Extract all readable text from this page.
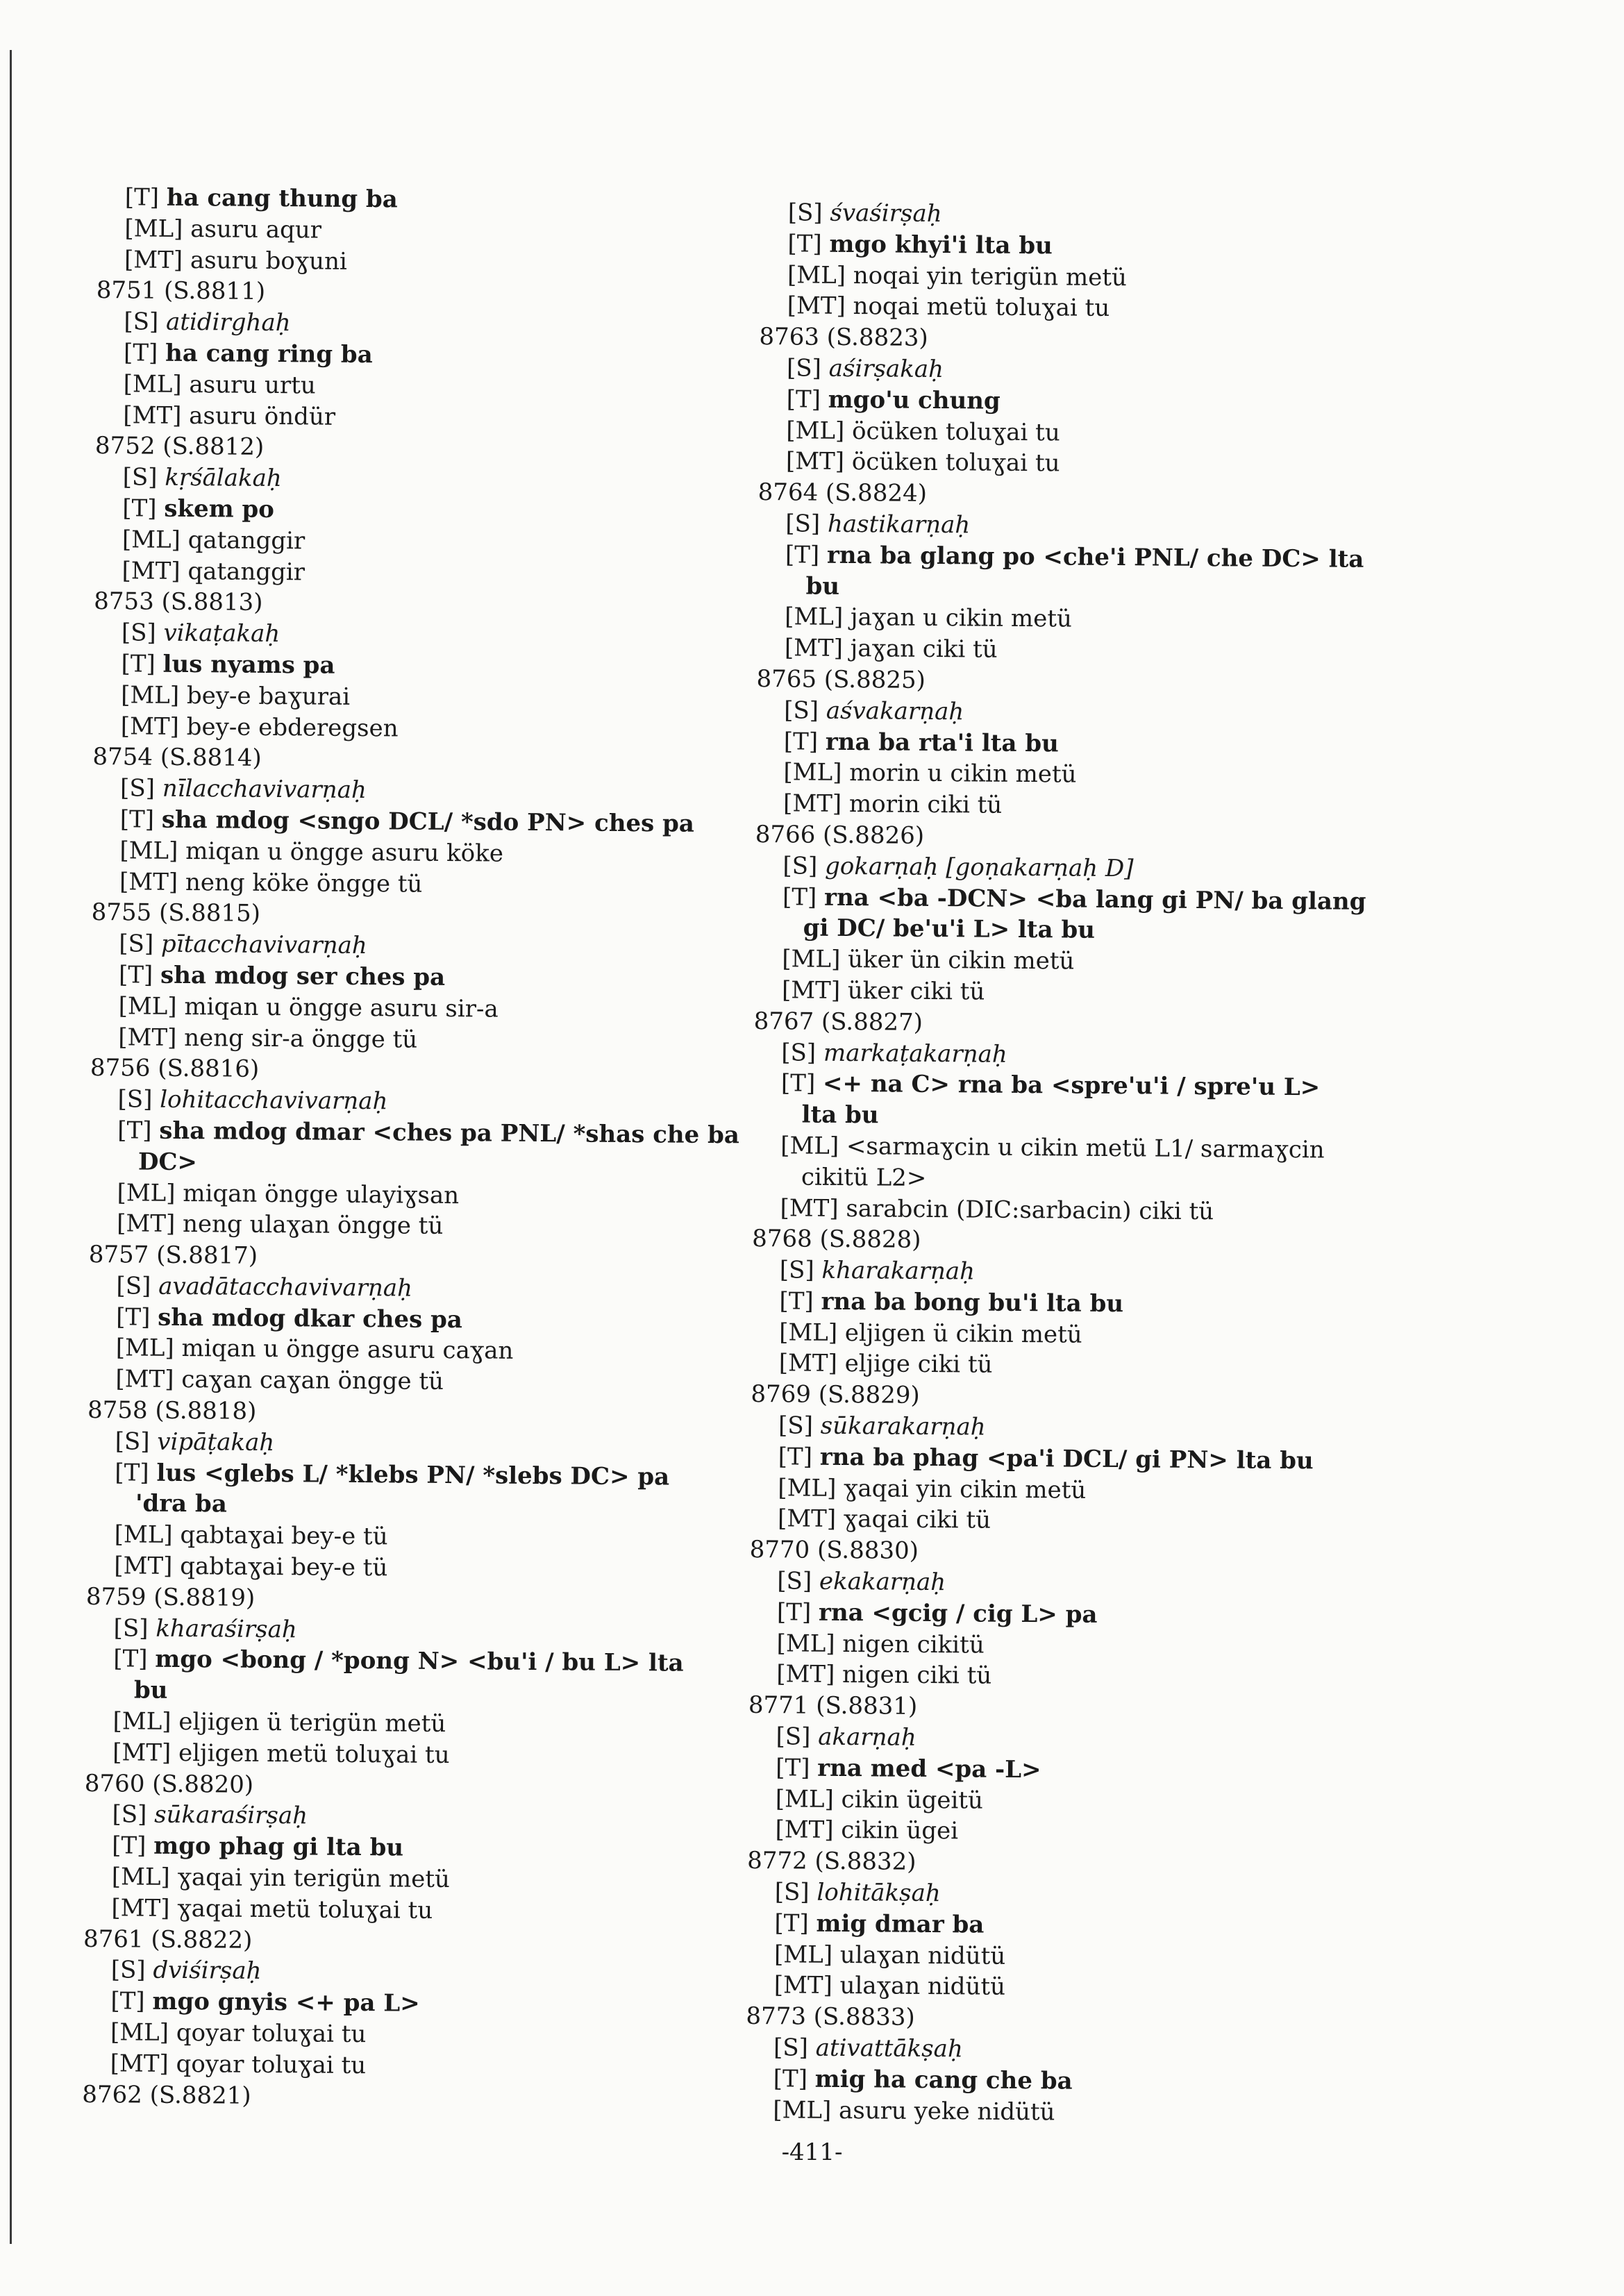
[T] ha cang thung ba
[ML] asuru aqur
[MT] asuru boɣuni
8751 (S.8811)
[S] atidirghaḥ
[T] ha cang ring ba
[ML] asuru urtu
[MT] asuru öndür
8752 (S.8812)
[S] kṛśālakaḥ
[T] skem po
[ML] qatanggir
[MT] qatanggir
8753 (S.8813)
[S] vikaṭakaḥ
[T] lus nyams pa
[ML] bey-e baɣurai
[MT] bey-e ebderegsen
8754 (S.8814)
[S] nīlacchavivarṇaḥ
[T] sha mdog <sngo DCL/ *sdo PN> ches pa
[ML] miqan u öngge asuru köke
[MT] neng köke öngge tü
8755 (S.8815)
[S] pītacchavivarṇaḥ
[T] sha mdog ser ches pa
[ML] miqan u öngge asuru sir-a
[MT] neng sir-a öngge tü
8756 (S.8816)
[S] lohitacchavivarṇaḥ
[T] sha mdog dmar <ches pa PNL/ *shas che ba
DC>
[ML] miqan öngge ulayiɣsan
[MT] neng ulaɣan öngge tü
8757 (S.8817)
[S] avadātacchavivarṇaḥ
[T] sha mdog dkar ches pa
[ML] miqan u öngge asuru caɣan
[MT] caɣan caɣan öngge tü
8758 (S.8818)
[S] vipāṭakaḥ
[T] lus <glebs L/ *klebs PN/ *slebs DC> pa
'dra ba
[ML] qabtaɣai bey-e tü
[MT] qabtaɣai bey-e tü
8759 (S.8819)
[S] kharaśirṣaḥ
[T] mgo <bong / *pong N> <bu'i / bu L> lta
bu
[ML] eljigen ü terigün metü
[MT] eljigen metü toluɣai tu
8760 (S.8820)
[S] sūkaraśirṣaḥ
[T] mgo phag gi lta bu
[ML] ɣaqai yin terigün metü
[MT] ɣaqai metü toluɣai tu
8761 (S.8822)
[S] dviśirṣaḥ
[T] mgo gnyis <+ pa L>
[ML] qoyar toluɣai tu
[MT] qoyar toluɣai tu
8762 (S.8821)
[S] śvaśirṣaḥ
[T] mgo khyi'i lta bu
[ML] noqai yin terigün metü
[MT] noqai metü toluɣai tu
8763 (S.8823)
[S] aśirṣakaḥ
[T] mgo'u chung
[ML] öcüken toluɣai tu
[MT] öcüken toluɣai tu
8764 (S.8824)
[S] hastikarṇaḥ
[T] rna ba glang po <che'i PNL/ che DC> lta
bu
[ML] jaɣan u cikin metü
[MT] jaɣan ciki tü
8765 (S.8825)
[S] aśvakarṇaḥ
[T] rna ba rta'i lta bu
[ML] morin u cikin metü
[MT] morin ciki tü
8766 (S.8826)
[S] gokarṇaḥ [goṇakarṇaḥ D]
[T] rna <ba -DCN> <ba lang gi PN/ ba glang
gi DC/ be'u'i L> lta bu
[ML] üker ün cikin metü
[MT] üker ciki tü
8767 (S.8827)
[S] markaṭakarṇaḥ
[T] <+ na C> rna ba <spre'u'i / spre'u L>
lta bu
[ML] <sarmaɣcin u cikin metü L1/ sarmaɣcin
cikitü L2>
[MT] sarabcin (DIC:sarbacin) ciki tü
8768 (S.8828)
[S] kharakarṇaḥ
[T] rna ba bong bu'i lta bu
[ML] eljigen ü cikin metü
[MT] eljige ciki tü
8769 (S.8829)
[S] sūkarakarṇaḥ
[T] rna ba phag <pa'i DCL/ gi PN> lta bu
[ML] ɣaqai yin cikin metü
[MT] ɣaqai ciki tü
8770 (S.8830)
[S] ekakarṇaḥ
[T] rna <gcig / cig L> pa
[ML] nigen cikitü
[MT] nigen ciki tü
8771 (S.8831)
[S] akarṇaḥ
[T] rna med <pa -L>
[ML] cikin ügeitü
[MT] cikin ügei
8772 (S.8832)
[S] lohitākṣaḥ
[T] mig dmar ba
[ML] ulaɣan nidütü
[MT] ulaɣan nidütü
8773 (S.8833)
[S] ativattākṣaḥ
[T] mig ha cang che ba
[ML] asuru yeke nidütü
-411-
